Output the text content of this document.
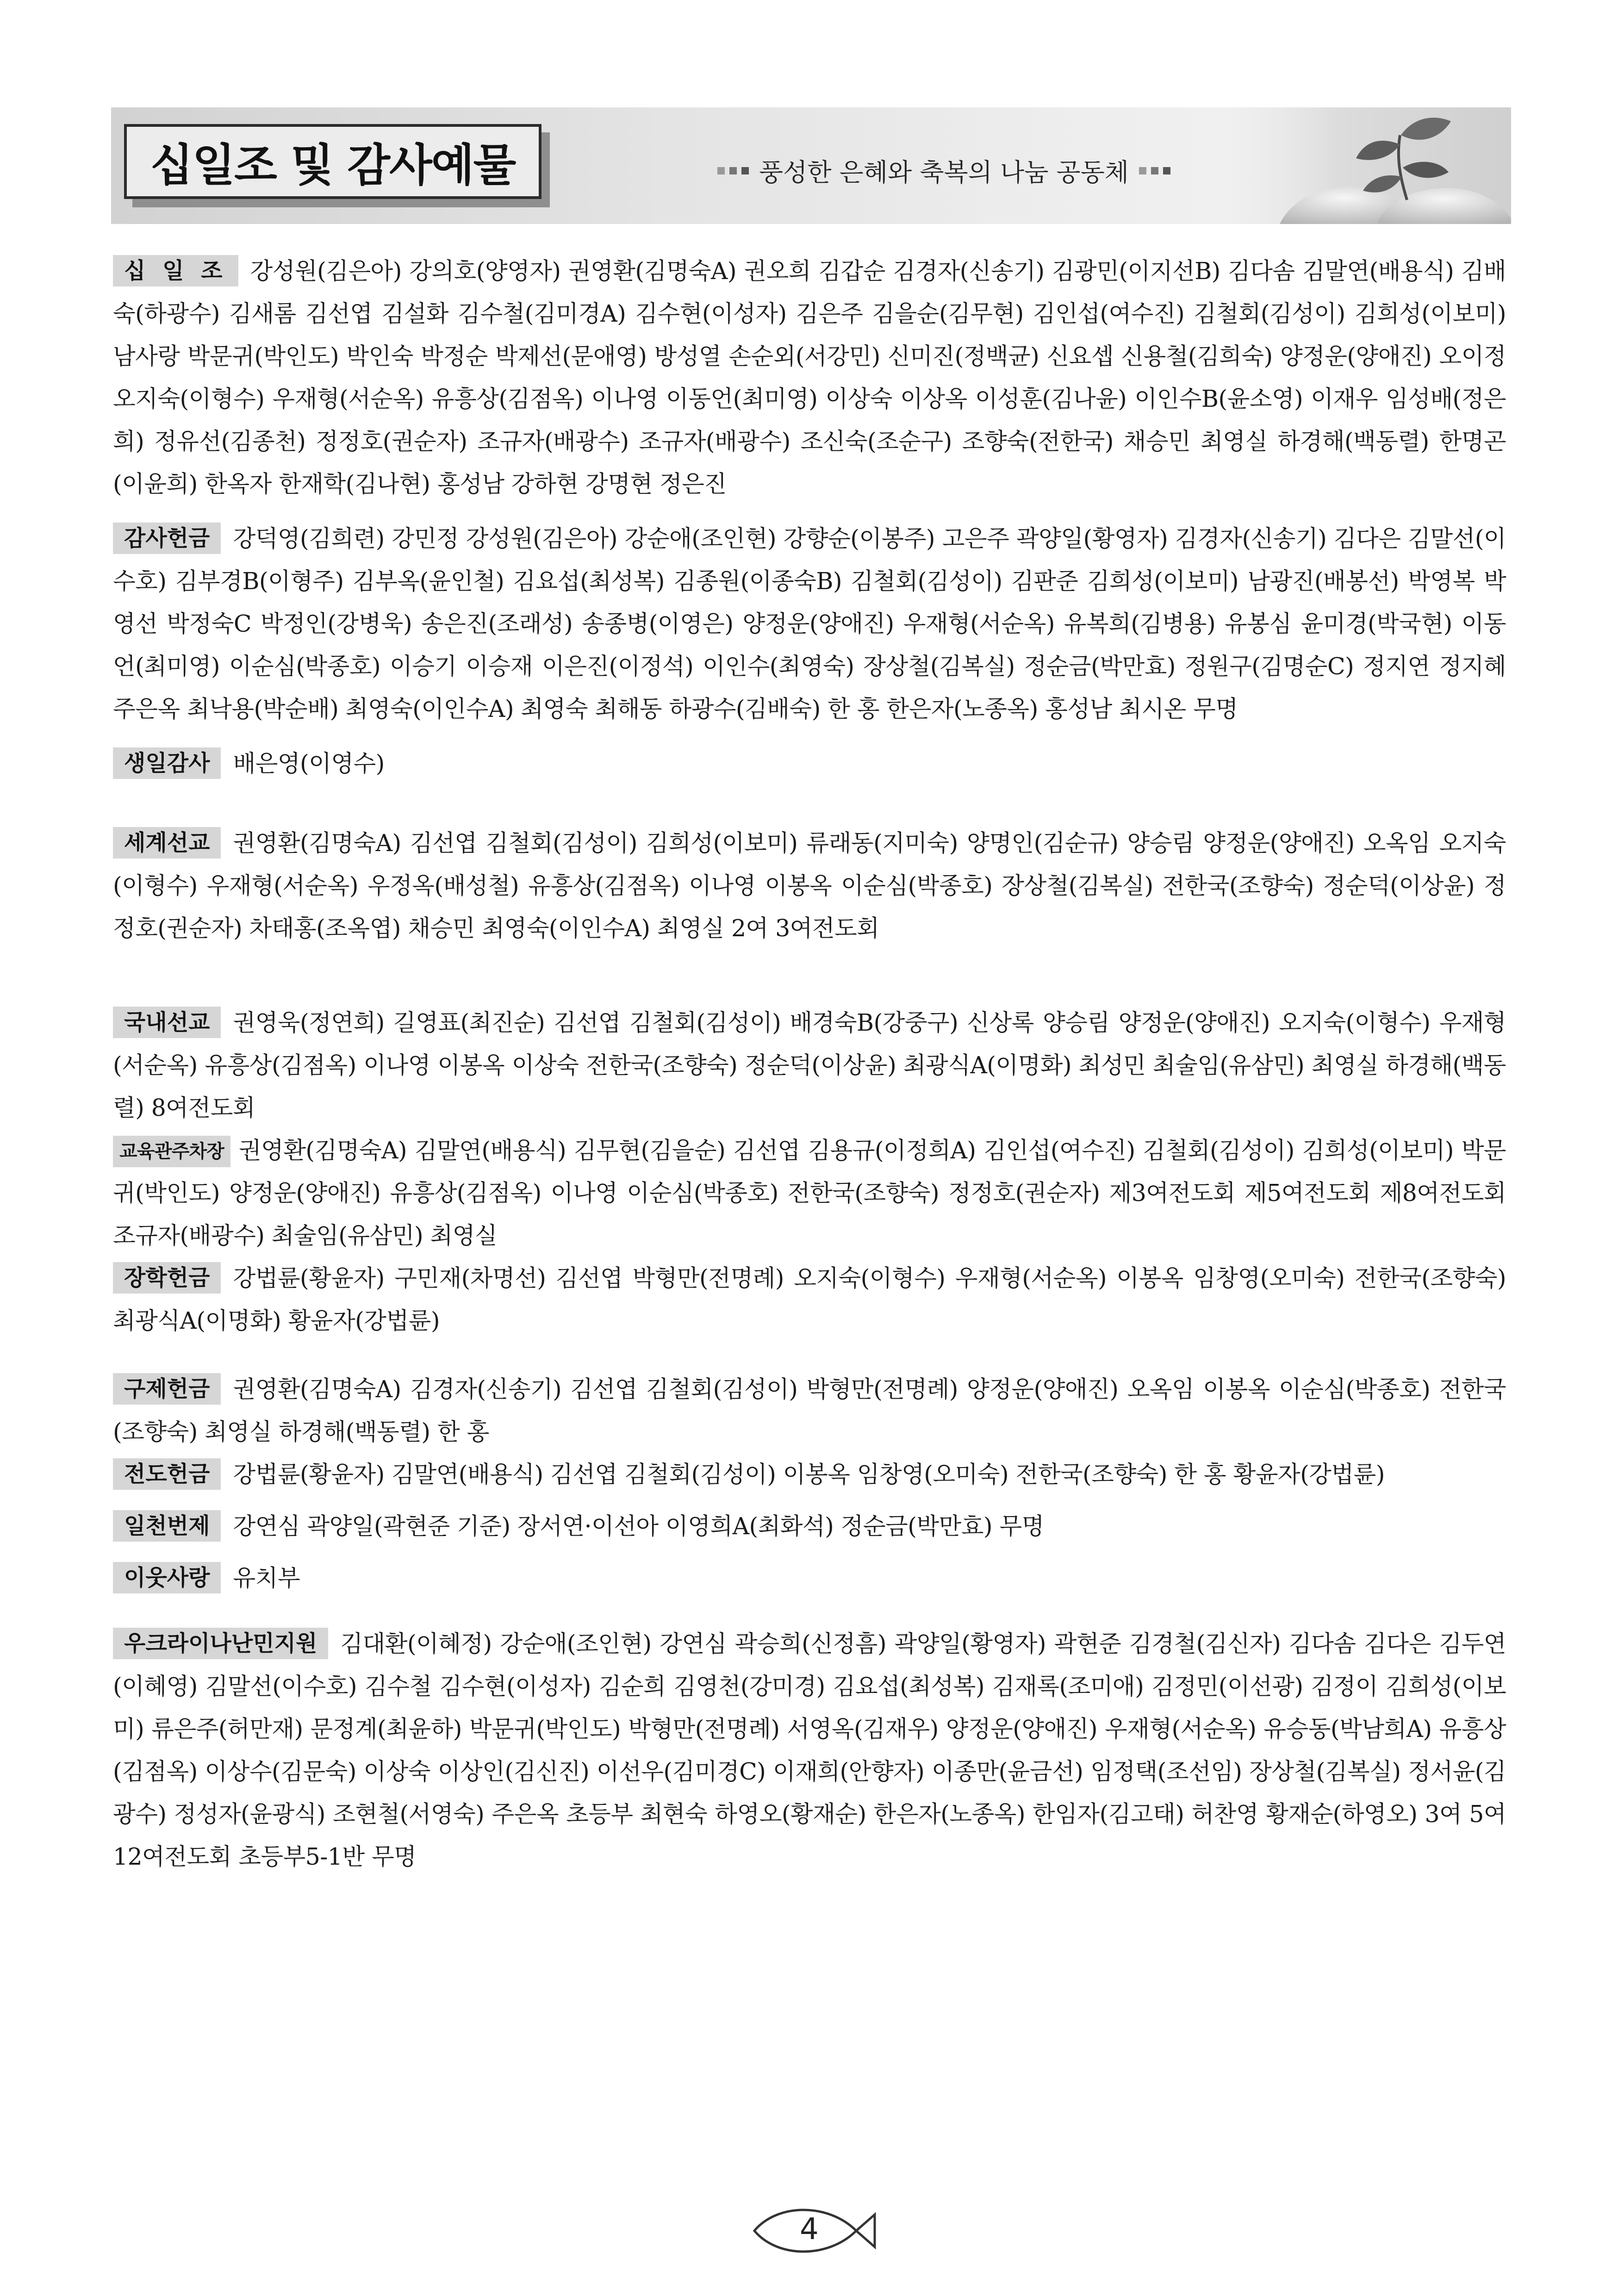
십일조 및 감사예물	풍성한 은혜와 축복의 나눔 공동체

십 일 조 강성원(김은아) 강의호(양영자) 권영환(김명숙A) 권오희 김갑순 김경자(신송기) 김광민(이지선B) 김다솜 김말연(배용식) 김배숙(하광수) 김새롬 김선엽 김설화 김수철(김미경A) 김수현(이성자) 김은주 김을순(김무현) 김인섭(여수진) 김철회(김성이) 김희성(이보미) 남사랑 박문귀(박인도) 박인숙 박정순 박제선(문애영) 방성열 손순외(서강민) 신미진(정백균) 신요셉 신용철(김희숙) 양정운(양애진) 오이정 오지숙(이형수) 우재형(서순옥) 유흥상(김점옥) 이나영 이동언(최미영) 이상숙 이상옥 이성훈(김나윤) 이인수B(윤소영) 이재우 임성배(정은희) 정유선(김종천) 정정호(권순자) 조규자(배광수) 조규자(배광수) 조신숙(조순구) 조향숙(전한국) 채승민 최영실 하경해(백동렬) 한명곤(이윤희) 한옥자 한재학(김나현) 홍성남 강하현 강명현 정은진

감사헌금 강덕영(김희련) 강민정 강성원(김은아) 강순애(조인현) 강향순(이봉주) 고은주 곽양일(황영자) 김경자(신송기) 김다은 김말선(이수호) 김부경B(이형주) 김부옥(윤인철) 김요섭(최성복) 김종원(이종숙B) 김철회(김성이) 김판준 김희성(이보미) 남광진(배봉선) 박영복 박영선 박정숙C 박정인(강병욱) 송은진(조래성) 송종병(이영은) 양정운(양애진) 우재형(서순옥) 유복희(김병용) 유봉심 윤미경(박국현) 이동언(최미영) 이순심(박종호) 이승기 이승재 이은진(이정석) 이인수(최영숙) 장상철(김복실) 정순금(박만효) 정원구(김명순C) 정지연 정지혜 주은옥 최낙용(박순배) 최영숙(이인수A) 최영숙 최해동 하광수(김배숙) 한 홍 한은자(노종옥) 홍성남 최시온 무명

생일감사 배은영(이영수)

세계선교 권영환(김명숙A) 김선엽 김철회(김성이) 김희성(이보미) 류래동(지미숙) 양명인(김순규) 양승림 양정운(양애진) 오옥임 오지숙(이형수) 우재형(서순옥) 우정옥(배성철) 유흥상(김점옥) 이나영 이봉옥 이순심(박종호) 장상철(김복실) 전한국(조향숙) 정순덕(이상윤) 정정호(권순자) 차태홍(조옥엽) 채승민 최영숙(이인수A) 최영실 2여 3여전도회

국내선교 권영욱(정연희) 길영표(최진순) 김선엽 김철회(김성이) 배경숙B(강중구) 신상록 양승림 양정운(양애진) 오지숙(이형수) 우재형(서순옥) 유흥상(김점옥) 이나영 이봉옥 이상숙 전한국(조향숙) 정순덕(이상윤) 최광식A(이명화) 최성민 최술임(유삼민) 최영실 하경해(백동렬) 8여전도회

교육관주차장 권영환(김명숙A) 김말연(배용식) 김무현(김을순) 김선엽 김용규(이정희A) 김인섭(여수진) 김철회(김성이) 김희성(이보미) 박문귀(박인도) 양정운(양애진) 유흥상(김점옥) 이나영 이순심(박종호) 전한국(조향숙) 정정호(권순자) 제3여전도회 제5여전도회 제8여전도회 조규자(배광수) 최술임(유삼민) 최영실

장학헌금 강법륜(황윤자) 구민재(차명선) 김선엽 박형만(전명례) 오지숙(이형수) 우재형(서순옥) 이봉옥 임창영(오미숙) 전한국(조향숙) 최광식A(이명화) 황윤자(강법륜)

구제헌금 권영환(김명숙A) 김경자(신송기) 김선엽 김철회(김성이) 박형만(전명례) 양정운(양애진) 오옥임 이봉옥 이순심(박종호) 전한국(조향숙) 최영실 하경해(백동렬) 한 홍

전도헌금 강법륜(황윤자) 김말연(배용식) 김선엽 김철회(김성이) 이봉옥 임창영(오미숙) 전한국(조향숙) 한 홍 황윤자(강법륜)

일천번제 강연심 곽양일(곽현준 기준) 장서연·이선아 이영희A(최화석) 정순금(박만효) 무명

이웃사랑 유치부

우크라이나난민지원 김대환(이혜정) 강순애(조인현) 강연심 곽승희(신정흠) 곽양일(황영자) 곽현준 김경철(김신자) 김다솜 김다은 김두연(이혜영) 김말선(이수호) 김수철 김수현(이성자) 김순희 김영천(강미경) 김요섭(최성복) 김재록(조미애) 김정민(이선광) 김정이 김희성(이보미) 류은주(허만재) 문정계(최윤하) 박문귀(박인도) 박형만(전명례) 서영옥(김재우) 양정운(양애진) 우재형(서순옥) 유승동(박남희A) 유흥상(김점옥) 이상수(김문숙) 이상숙 이상인(김신진) 이선우(김미경C) 이재희(안향자) 이종만(윤금선) 임정택(조선임) 장상철(김복실) 정서윤(김광수) 정성자(윤광식) 조현철(서영숙) 주은옥 초등부 최현숙 하영오(황재순) 한은자(노종옥) 한임자(김고태) 허찬영 황재순(하영오) 3여 5여 12여전도회 초등부5-1반 무명

4
